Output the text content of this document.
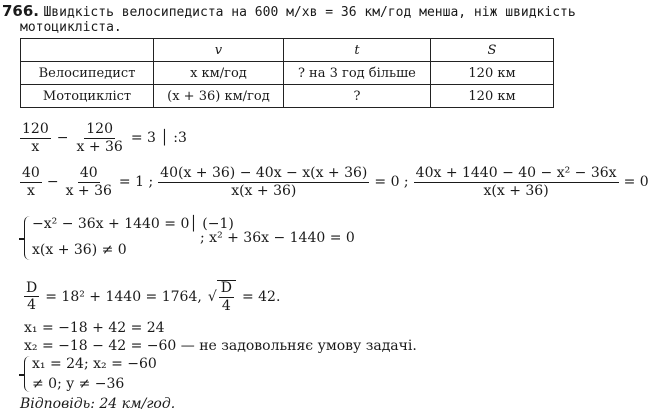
766. Швидкість велосипедиста на 600 м/хв = 36 км/год менша, ніж швидкість
мотоцикліста.
	v	t	S
Велосипедист	x км/год	? на 3 год більше	120 км
Мотоцикліст	(x + 36) км/год	?	120 км
$\frac{120}{x} - \frac{120}{x + 36} = 3$ │ :3
$\frac{40}{x} - \frac{40}{x + 36} = 1$ ; $\frac{40(x + 36) - 40x - x(x + 36)}{x(x + 36)} = 0$ ; $\frac{\text{40x + 1440 − 40 − x² − 36x}}{x(x + 36)} = 0$
−x² − 36x + 1440 = 0│ (−1)
x(x + 36) ≠ 0
; x² + 36x − 1440 = 0
$\frac{D}{4} = 18^2 + 1440 = 1764$, √ $\frac{D}{4} = 42$.
x₁ = −18 + 42 = 24
x₂ = −18 − 42 = −60 — не задовольняє умову задачі.
x₁ = 24; x₂ = −60
≠ 0; y ≠ −36
Відповідь: 24 км/год.
